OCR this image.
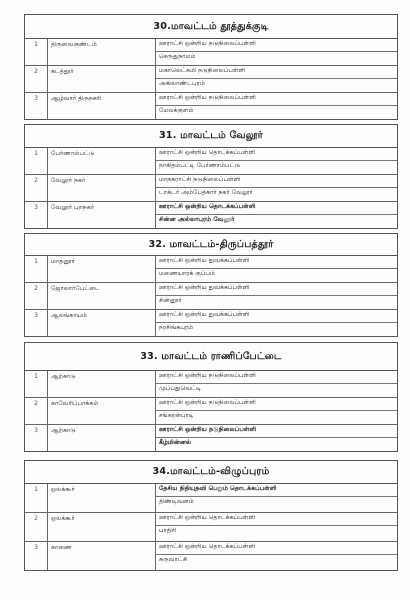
30.மாவட்டம் தூத்துக்குடி
1	திருவைகுண்டம்	ஊராட்சி ஒன்றிய நடுநிலைப்பள்ளி
செருதுநாமம்
2	கடத்தூர்	மகாலெட்சுமி நடுநிலைப்பள்ளி
அகிலாண்டபுரம்
3	ஆழ்வார் திருநகரி	ஊராட்சி ஒன்றிய நடுநிலைப்பள்ளி
மேலக்குளம்
31. மாவட்டம் வேலூர்
1	பேர்ணாம்பட்டு	ஊராட்சி ஒன்றிய தொடக்கப்பள்ளி
நாகிதம்பட்டி பேர்ணாம்பட்டு
2	வேலூர் நகர்	மாநகராட்சி நடுநிலைப்பள்ளி
டாக்டர் அம்பேத்கார் நகர் வேலூர்
3	வேலூர் புறநகர்	ஊராட்சி ஒன்றிய தொடக்கப்பள்ளி
சின்ன அல்லாபுரம் வேலூர்
32. மாவட்டம்-திருப்பத்தூர்
1	மாதனூர்	ஊராட்சி ஒன்றிய துவக்கப்பள்ளி
மணையாரக் குப்பம்
2	ஜோலார்பேட்டை	ஊராட்சி ஒன்றிய துவக்கப்பள்ளி
சின்னூர்
3	ஆலங்காயம்	ஊராட்சி ஒன்றிய துவக்கப்பள்ளி
நரசிங்கபுரம்
33. மாவட்டம் ராணிப்பேட்டை
1	ஆற்காடு	ஊராட்சி ஒன்றிய நடுநிலைப்பள்ளி
முப்பதுவெட்டி
2	காவேரிப்பாக்கம்	ஊராட்சி ஒன்றிய நடுநிலைப்பள்ளி
சங்கரன்பாடி
3	ஆற்காடு	ஊராட்சி ஒன்றிய நடுநிலைப்பள்ளி
கீழ்மின்னல்
34.மாவட்டம்-விழுப்புரம்
1	ஒலக்கூர்	தேசிய நிதியுதவி பெறும் தொடக்கப்பள்ளி
திண்டிவனம்
2	ஒலக்கூர்	ஊராட்சி ஒன்றிய தொடக்கப்பள்ளி
பாதிரி
3	காணை	ஊராட்சி ஒன்றிய தொடக்கப்பள்ளி
சுருவாட்சி
